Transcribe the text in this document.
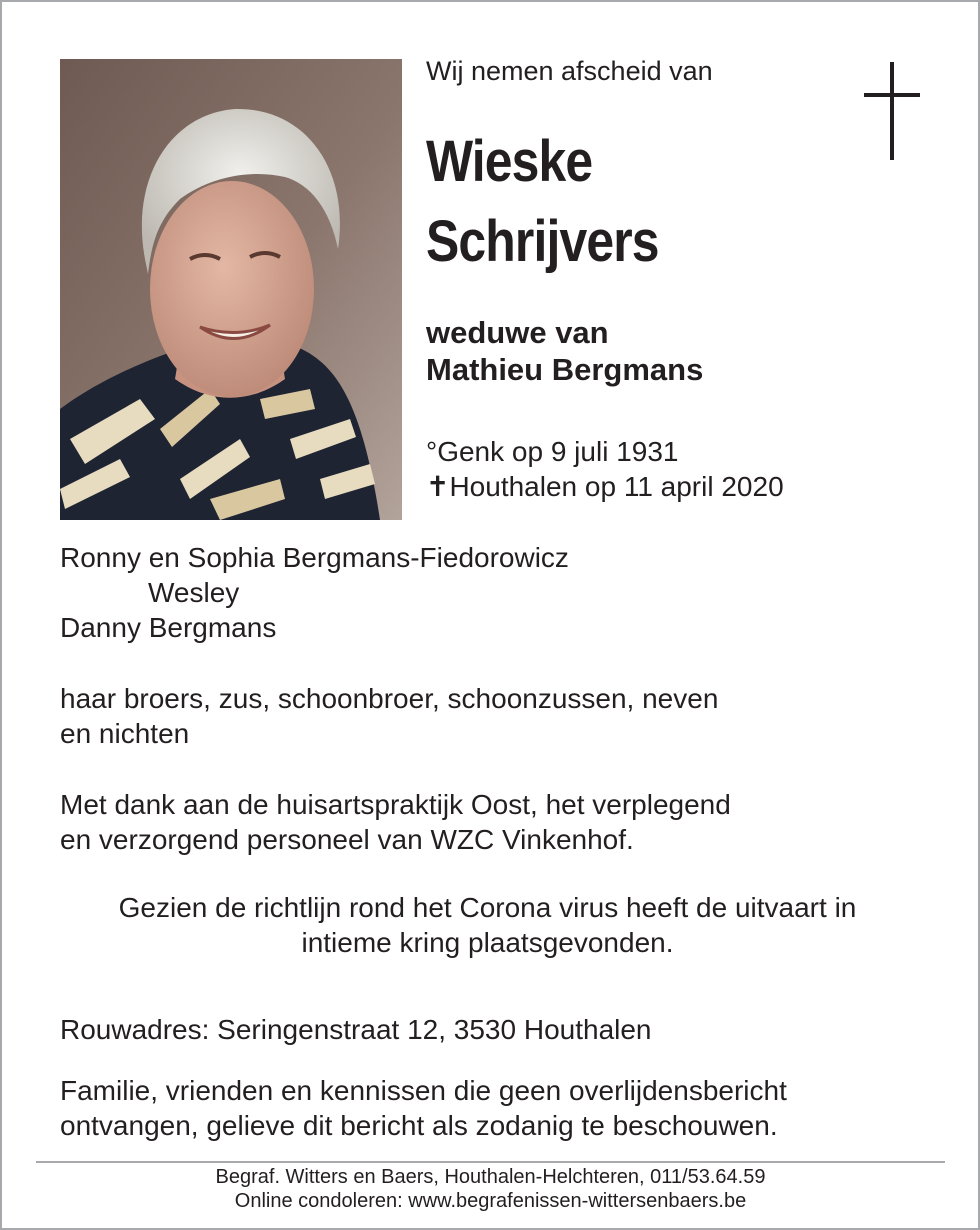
Wij nemen afscheid van
Wieske
Schrijvers
weduwe van
Mathieu Bergmans
°Genk op 9 juli 1931
✝Houthalen op 11 april 2020
Ronny en Sophia Bergmans-Fiedorowicz
Wesley
Danny Bergmans
haar broers, zus, schoonbroer, schoonzussen, neven
en nichten
Met dank aan de huisartspraktijk Oost, het verplegend
en verzorgend personeel van WZC Vinkenhof.
Gezien de richtlijn rond het Corona virus heeft de uitvaart in
intieme kring plaatsgevonden.
Rouwadres: Seringenstraat 12, 3530 Houthalen
Familie, vrienden en kennissen die geen overlijdensbericht
ontvangen, gelieve dit bericht als zodanig te beschouwen.
Begraf. Witters en Baers, Houthalen-Helchteren, 011/53.64.59
Online condoleren: www.begrafenissen-wittersenbaers.be
